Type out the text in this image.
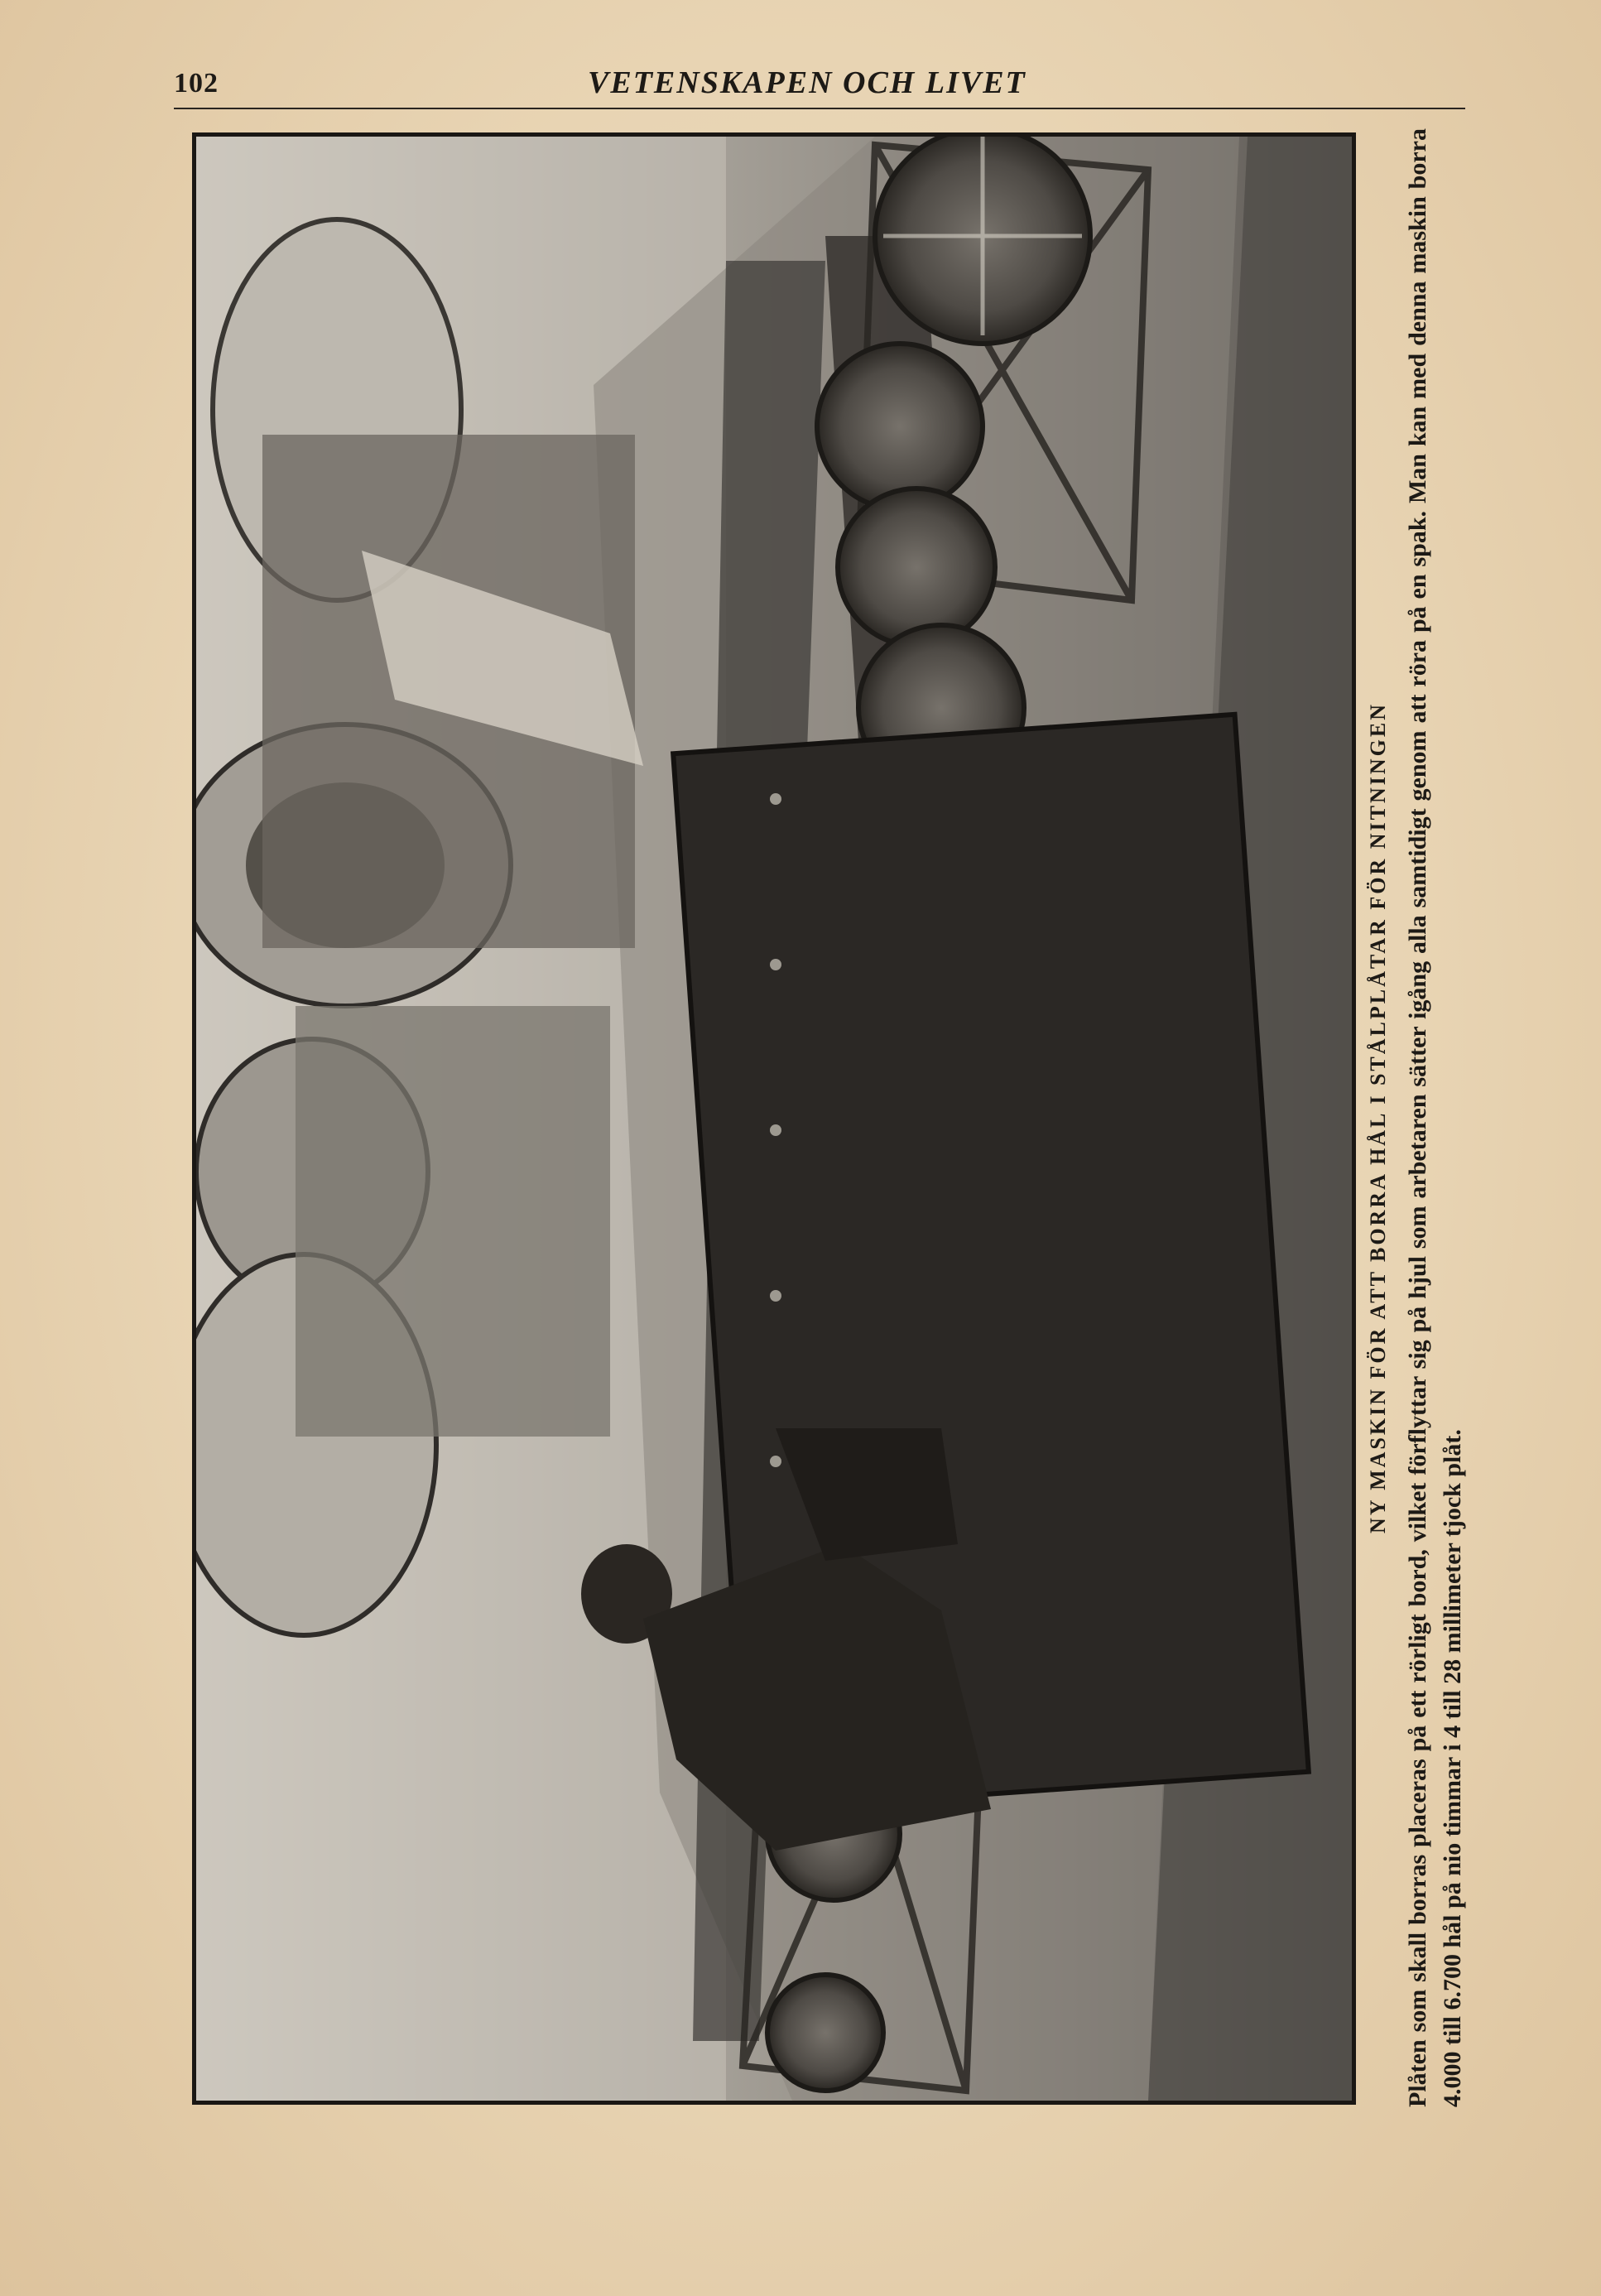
102	VETENSKAPEN OCH LIVET
NY MASKIN FÖR ATT BORRA HÅL I STÅLPLÅTAR FÖR NITNINGEN Plåten som skall borras placeras på ett rörligt bord, vilket förflyttar sig på hjul som arbetaren sätter igång alla samtidigt genom att röra på en spak. Man kan med denna maskin borra 4.000 till 6.700 hål på nio timmar i 4 till 28 millimeter tjock plåt.
